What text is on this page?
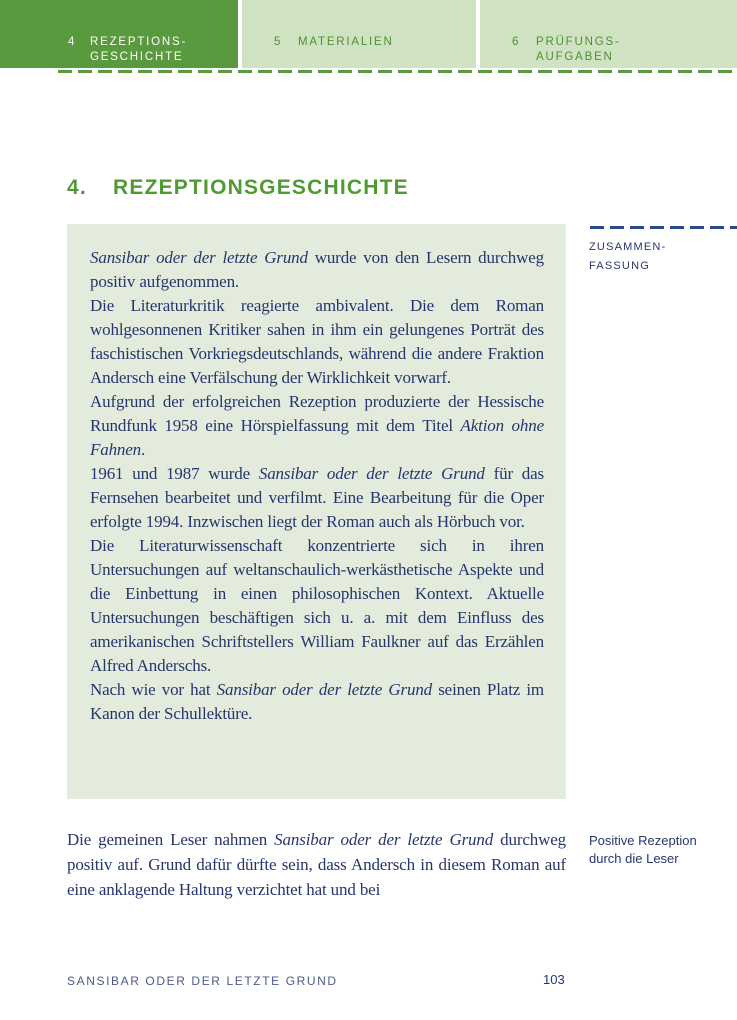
4 REZEPTIONS-
GESCHICHTE
5 MATERIALIEN	6 PRÜFUNGS-
AUFGABEN
4. REZEPTIONSGESCHICHTE

Sansibar oder der letzte Grund wurde von den Lesern durchweg positiv aufgenommen.

Die Literaturkritik reagierte ambivalent. Die dem Roman wohlgesonnenen Kritiker sahen in ihm ein gelungenes Porträt des faschistischen Vorkriegsdeutschlands, während die andere Fraktion Andersch eine Verfälschung der Wirklichkeit vorwarf.

Aufgrund der erfolgreichen Rezeption produzierte der Hessische Rundfunk 1958 eine Hörspielfassung mit dem Titel Aktion ohne Fahnen.

1961 und 1987 wurde Sansibar oder der letzte Grund für das Fernsehen bearbeitet und verfilmt. Eine Bearbeitung für die Oper erfolgte 1994. Inzwischen liegt der Roman auch als Hörbuch vor.

Die Literaturwissenschaft konzentrierte sich in ihren Untersuchungen auf weltanschaulich-werkästhetische Aspekte und die Einbettung in einen philosophischen Kontext. Aktuelle Untersuchungen beschäftigen sich u. a. mit dem Einfluss des amerikanischen Schriftstellers William Faulkner auf das Erzählen Alfred Anderschs.

Nach wie vor hat Sansibar oder der letzte Grund seinen Platz im Kanon der Schullektüre.

ZUSAMMEN-
FASSUNG
Positive Rezeption
durch die Leser

Die gemeinen Leser nahmen Sansibar oder der letzte Grund durchweg positiv auf. Grund dafür dürfte sein, dass Andersch in diesem Roman auf eine anklagende Haltung verzichtet hat und bei

SANSIBAR ODER DER LETZTE GRUND	103
